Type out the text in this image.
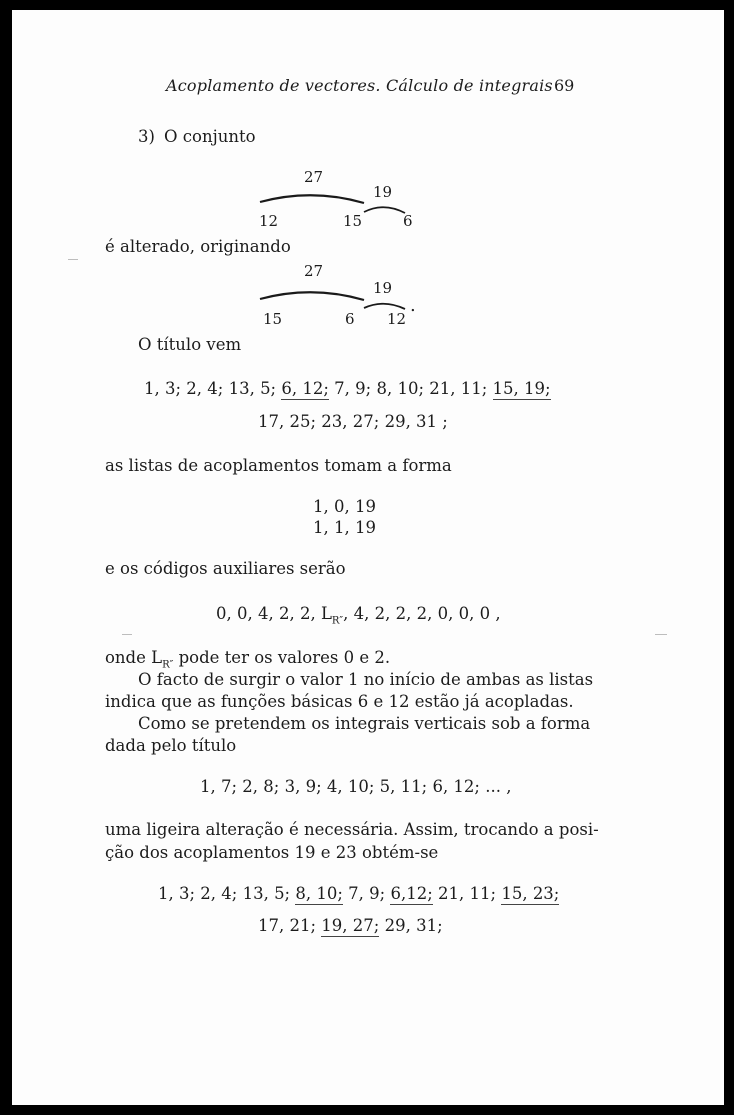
Acoplamento de vectores. Cálculo de integrais 69
3) O conjunto
27
19
12	15	6
é alterado, originando
27
19
15	6 12
.
O título vem
1, 3; 2, 4; 13, 5; 6, 12; 7, 9; 8, 10; 21, 11; 15, 19;
17, 25; 23, 27; 29, 31 ;
as listas de acoplamentos tomam a forma
1, 0, 19
1, 1, 19
e os códigos auxiliares serão
0, 0, 4, 2, 2, $L_{R''}$, 4, 2, 2, 2, 0, 0, 0 ,
onde $L_{R''}$ pode ter os valores 0 e 2.
O facto de surgir o valor 1 no início de ambas as listas
indica que as funções básicas 6 e 12 estão já acopladas.
Como se pretendem os integrais verticais sob a forma
dada pelo título
1, 7; 2, 8; 3, 9; 4, 10; 5, 11; 6, 12; ... ,
uma ligeira alteração é necessária. Assim, trocando a posi-
ção dos acoplamentos 19 e 23 obtém-se
1, 3; 2, 4; 13, 5; 8, 10; 7, 9; 6,12; 21, 11; 15, 23;
17, 21; 19, 27; 29, 31;
